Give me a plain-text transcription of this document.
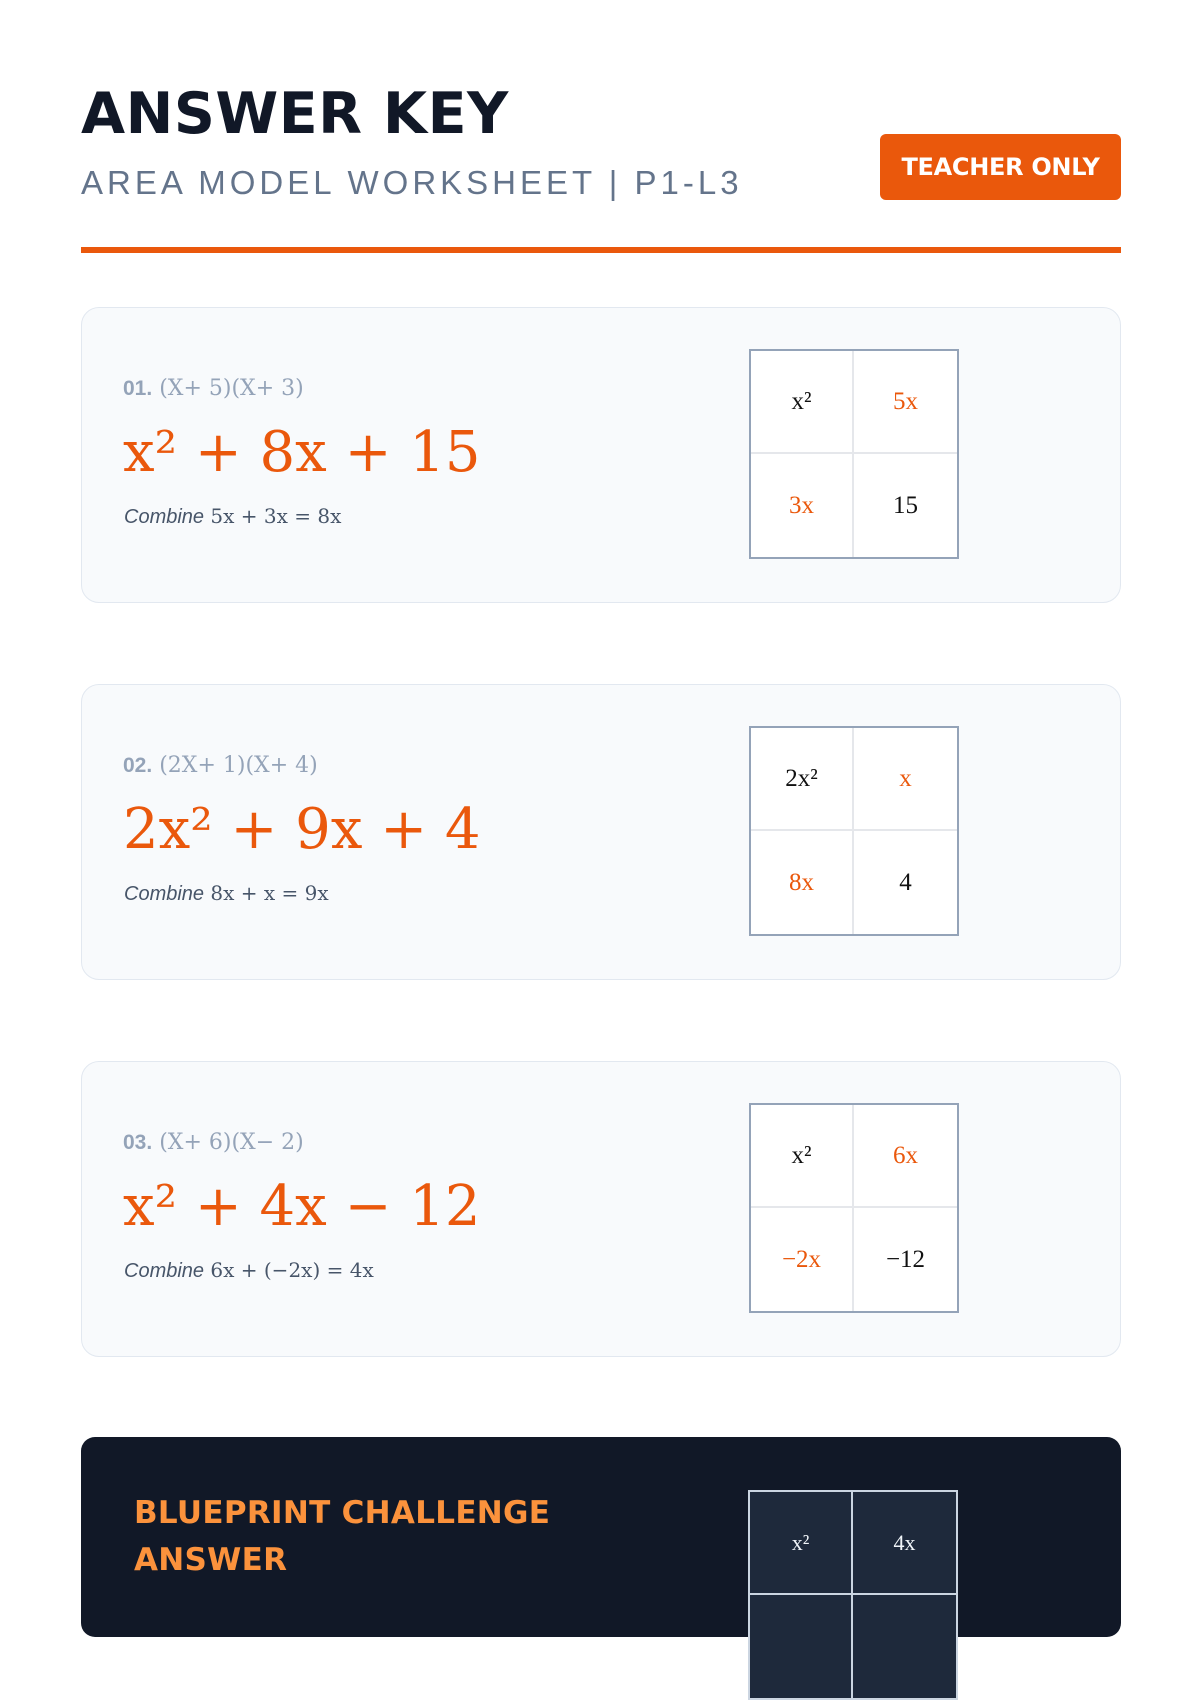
ANSWER KEY
AREA MODEL WORKSHEET | P1-L3	TEACHER ONLY
01. (X+ 5)(X+ 3)
x² + 8x + 15
Combine 5x + 3x = 8x
x²	5x
3x	15
02. (2X+ 1)(X+ 4)
2x² + 9x + 4
Combine 8x + x = 9x
2x²	x
8x	4
03. (X+ 6)(X− 2)
x² + 4x − 12
Combine 6x + (−2x) = 4x
x²	6x
−2x	−12
BLUEPRINT CHALLENGE ANSWER	x²	4x
